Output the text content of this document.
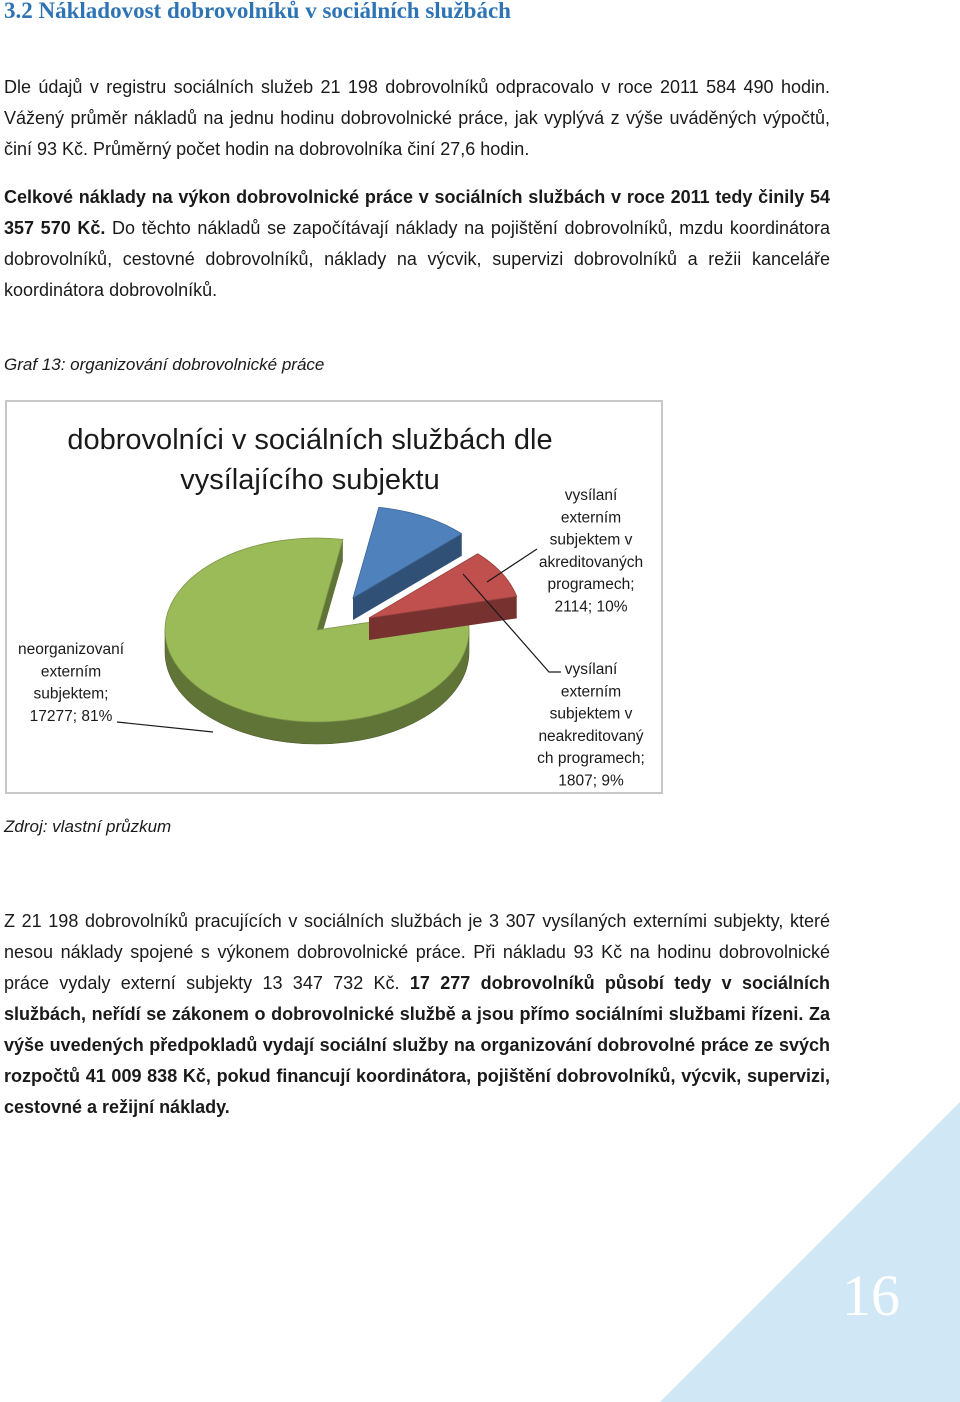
3.2 Nákladovost dobrovolníků v sociálních službách

Dle údajů v registru sociálních služeb 21 198 dobrovolníků odpracovalo v roce 2011 584 490 hodin. Vážený průměr nákladů na jednu hodinu dobrovolnické práce, jak vyplývá z výše uváděných výpočtů, činí 93 Kč. Průměrný počet hodin na dobrovolníka činí 27,6 hodin.

Celkové náklady na výkon dobrovolnické práce v sociálních službách v roce 2011 tedy činily 54 357 570 Kč. Do těchto nákladů se započítávají náklady na pojištění dobrovolníků, mzdu koordinátora dobrovolníků, cestovné dobrovolníků, náklady na výcvik, supervizi dobrovolníků a režii kanceláře koordinátora dobrovolníků.

Graf 13: organizování dobrovolnické práce

dobrovolníci v sociálních službách dle vysílajícího subjektu	vysílaní externím subjektem v akreditovaných programech; 2114; 10%
vysílaní externím subjektem v neakreditovaný ch programech; 1807; 9%
neorganizovaní externím subjektem; 17277; 81%

Zdroj: vlastní průzkum

Z 21 198 dobrovolníků pracujících v sociálních službách je 3 307 vysílaných externími subjekty, které nesou náklady spojené s výkonem dobrovolnické práce. Při nákladu 93 Kč na hodinu dobrovolnické práce vydaly externí subjekty 13 347 732 Kč. 17 277 dobrovolníků působí tedy v sociálních službách, neřídí se zákonem o dobrovolnické službě a jsou přímo sociálními službami řízeni. Za výše uvedených předpokladů vydají sociální služby na organizování dobrovolné práce ze svých rozpočtů 41 009 838 Kč, pokud financují koordinátora, pojištění dobrovolníků, výcvik, supervizi, cestovné a režijní náklady.

16
